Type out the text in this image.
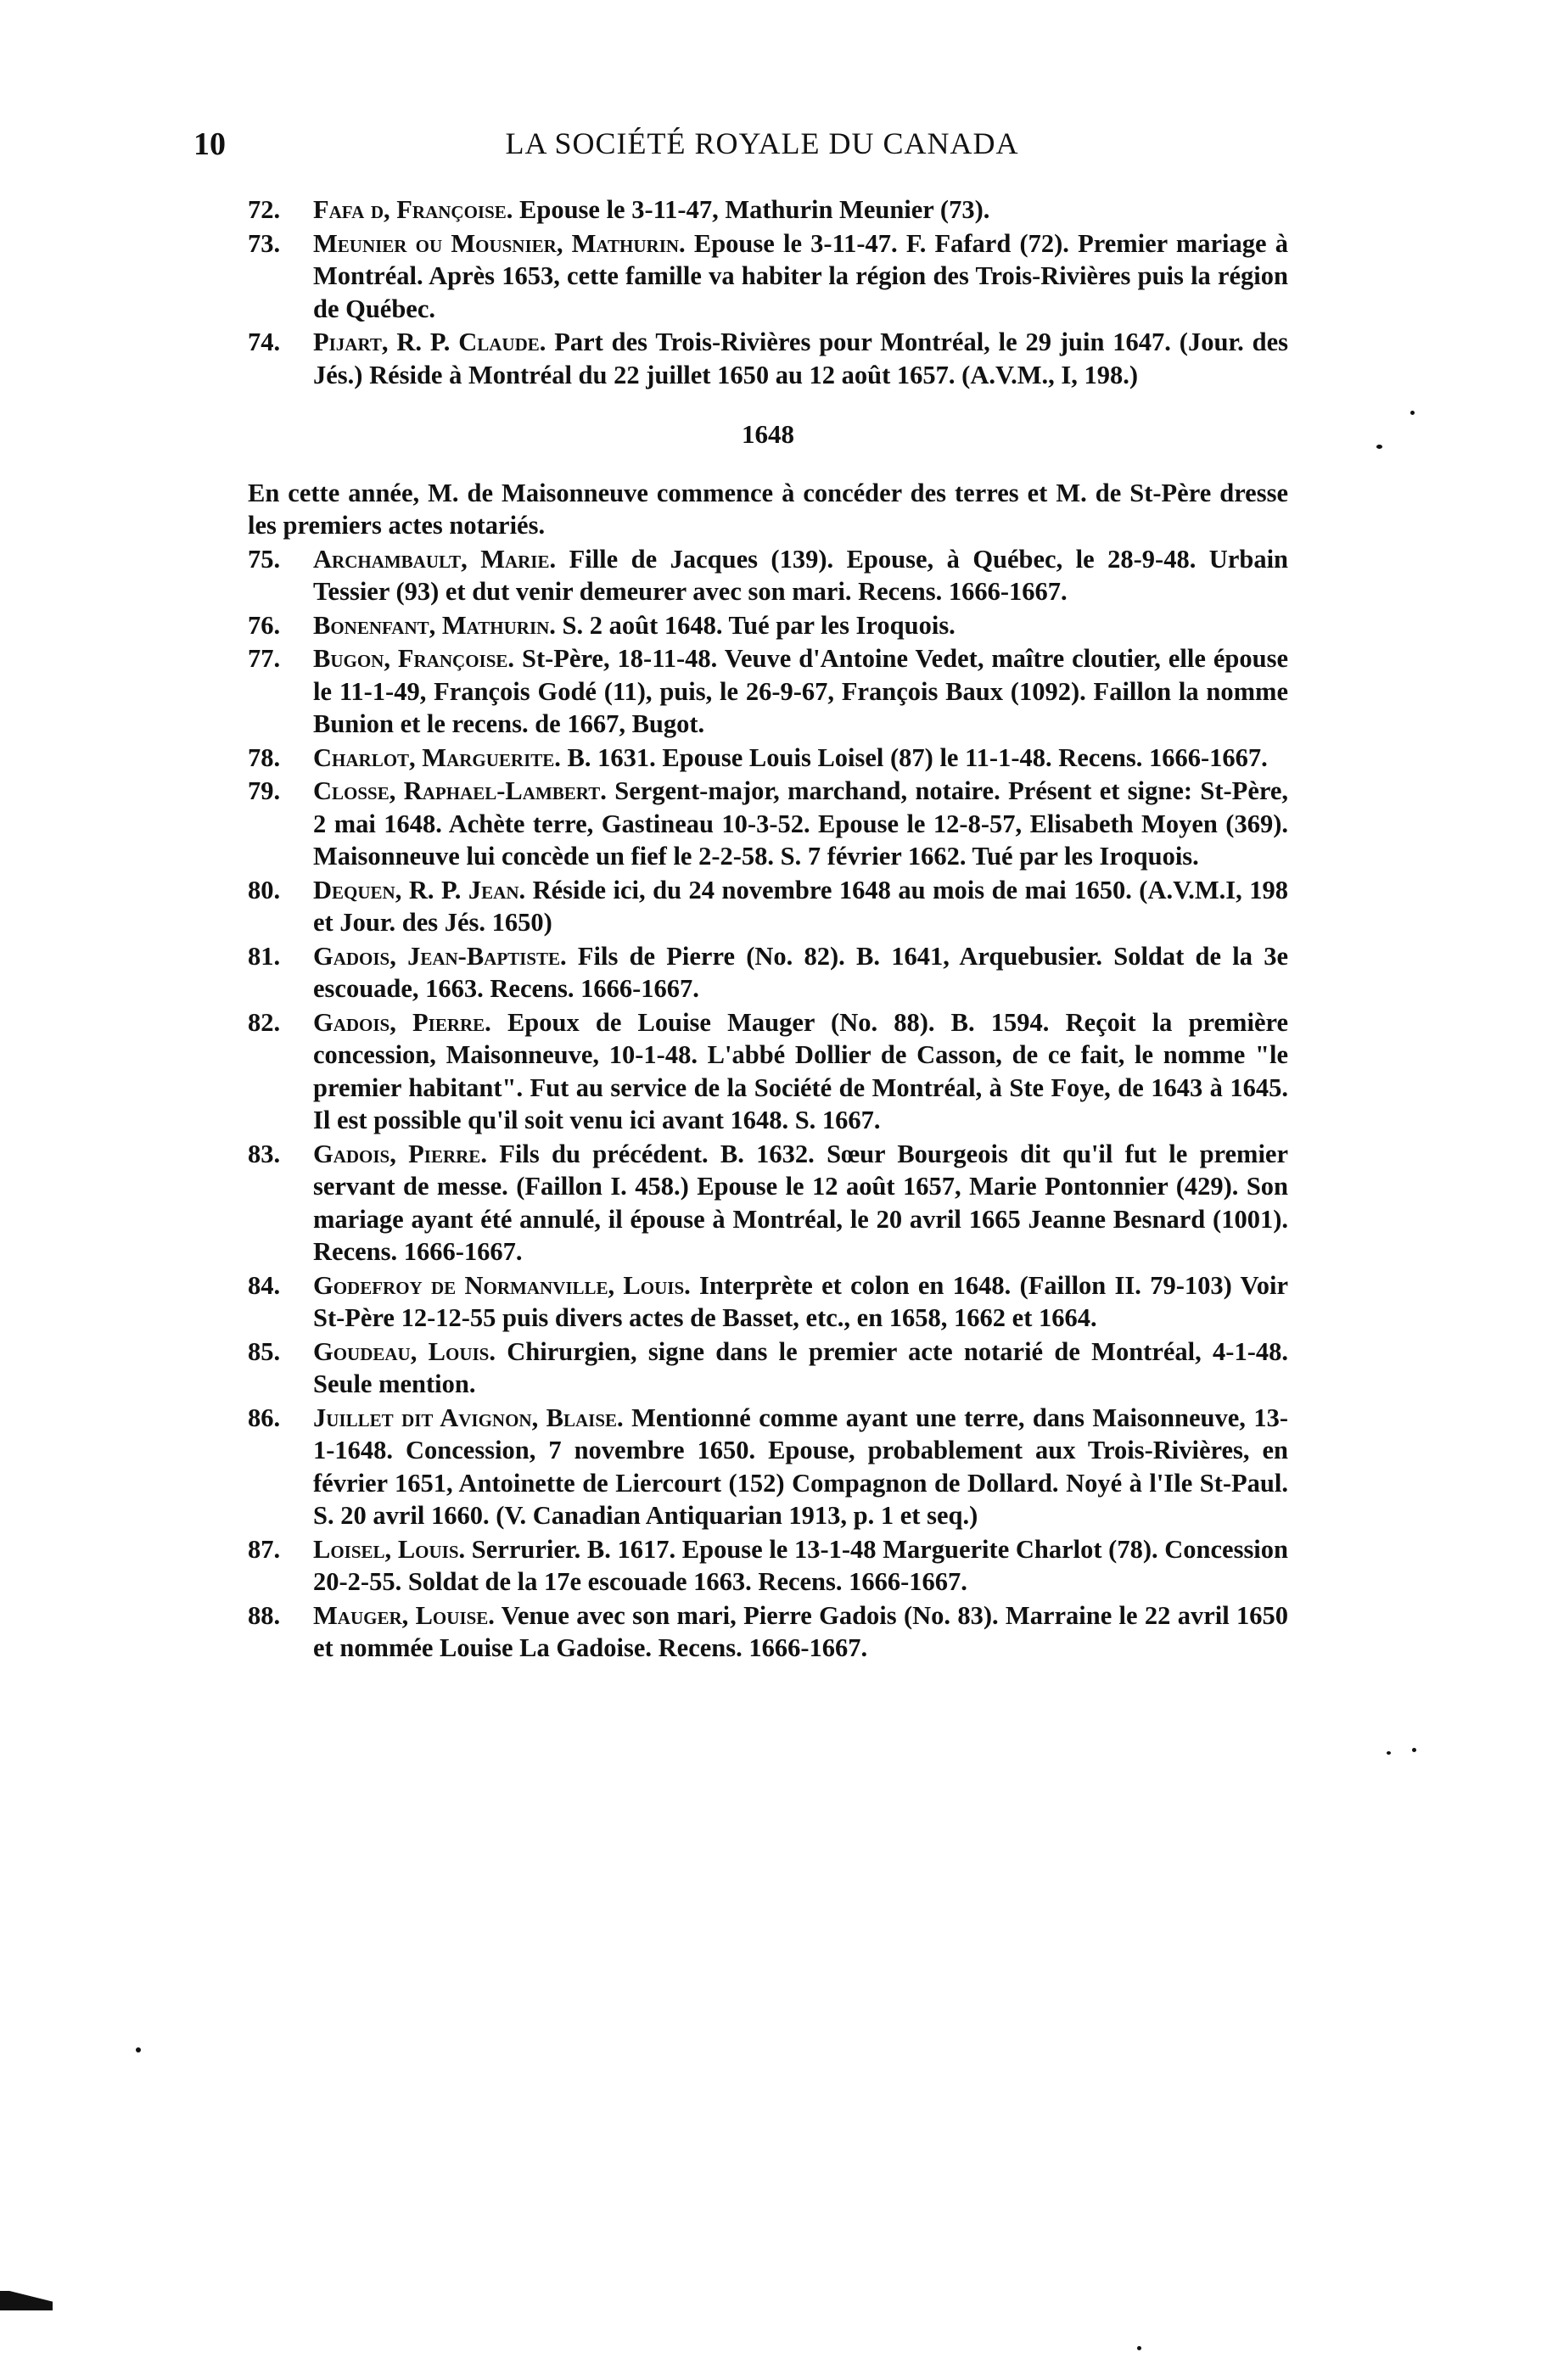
10	LA SOCIÉTÉ ROYALE DU CANADA

72. Fafa d, Françoise. Epouse le 3-11-47, Mathurin Meunier (73).

73. Meunier ou Mousnier, Mathurin. Epouse le 3-11-47. F. Fafard (72). Premier mariage à Montréal. Après 1653, cette famille va habiter la région des Trois-Rivières puis la région de Québec.

74. Pijart, R. P. Claude. Part des Trois-Rivières pour Montréal, le 29 juin 1647. (Jour. des Jés.) Réside à Montréal du 22 juillet 1650 au 12 août 1657. (A.V.M., I, 198.)

1648

En cette année, M. de Maisonneuve commence à concéder des terres et M. de St-Père dresse les premiers actes notariés.

75. Archambault, Marie. Fille de Jacques (139). Epouse, à Québec, le 28-9-48. Urbain Tessier (93) et dut venir demeurer avec son mari. Recens. 1666-1667.

76. Bonenfant, Mathurin. S. 2 août 1648. Tué par les Iroquois.

77. Bugon, Françoise. St-Père, 18-11-48. Veuve d'Antoine Vedet, maître cloutier, elle épouse le 11-1-49, François Godé (11), puis, le 26-9-67, François Baux (1092). Faillon la nomme Bunion et le recens. de 1667, Bugot.

78. Charlot, Marguerite. B. 1631. Epouse Louis Loisel (87) le 11-1-48. Recens. 1666-1667.

79. Closse, Raphael-Lambert. Sergent-major, marchand, notaire. Présent et signe: St-Père, 2 mai 1648. Achète terre, Gastineau 10-3-52. Epouse le 12-8-57, Elisabeth Moyen (369). Maisonneuve lui concède un fief le 2-2-58. S. 7 février 1662. Tué par les Iroquois.

80. Dequen, R. P. Jean. Réside ici, du 24 novembre 1648 au mois de mai 1650. (A.V.M.I, 198 et Jour. des Jés. 1650)

81. Gadois, Jean-Baptiste. Fils de Pierre (No. 82). B. 1641, Arquebusier. Soldat de la 3e escouade, 1663. Recens. 1666-1667.

82. Gadois, Pierre. Epoux de Louise Mauger (No. 88). B. 1594. Reçoit la première concession, Maisonneuve, 10-1-48. L'abbé Dollier de Casson, de ce fait, le nomme "le premier habitant". Fut au service de la Société de Montréal, à Ste Foye, de 1643 à 1645. Il est possible qu'il soit venu ici avant 1648. S. 1667.

83. Gadois, Pierre. Fils du précédent. B. 1632. Sœur Bourgeois dit qu'il fut le premier servant de messe. (Faillon I. 458.) Epouse le 12 août 1657, Marie Pontonnier (429). Son mariage ayant été annulé, il épouse à Montréal, le 20 avril 1665 Jeanne Besnard (1001). Recens. 1666-1667.

84. Godefroy de Normanville, Louis. Interprète et colon en 1648. (Faillon II. 79-103) Voir St-Père 12-12-55 puis divers actes de Basset, etc., en 1658, 1662 et 1664.

85. Goudeau, Louis. Chirurgien, signe dans le premier acte notarié de Montréal, 4-1-48. Seule mention.

86. Juillet dit Avignon, Blaise. Mentionné comme ayant une terre, dans Maisonneuve, 13-1-1648. Concession, 7 novembre 1650. Epouse, probablement aux Trois-Rivières, en février 1651, Antoinette de Liercourt (152) Compagnon de Dollard. Noyé à l'Ile St-Paul. S. 20 avril 1660. (V. Canadian Antiquarian 1913, p. 1 et seq.)

87. Loisel, Louis. Serrurier. B. 1617. Epouse le 13-1-48 Marguerite Charlot (78). Concession 20-2-55. Soldat de la 17e escouade 1663. Recens. 1666-1667.

88. Mauger, Louise. Venue avec son mari, Pierre Gadois (No. 83). Marraine le 22 avril 1650 et nommée Louise La Gadoise. Recens. 1666-1667.
